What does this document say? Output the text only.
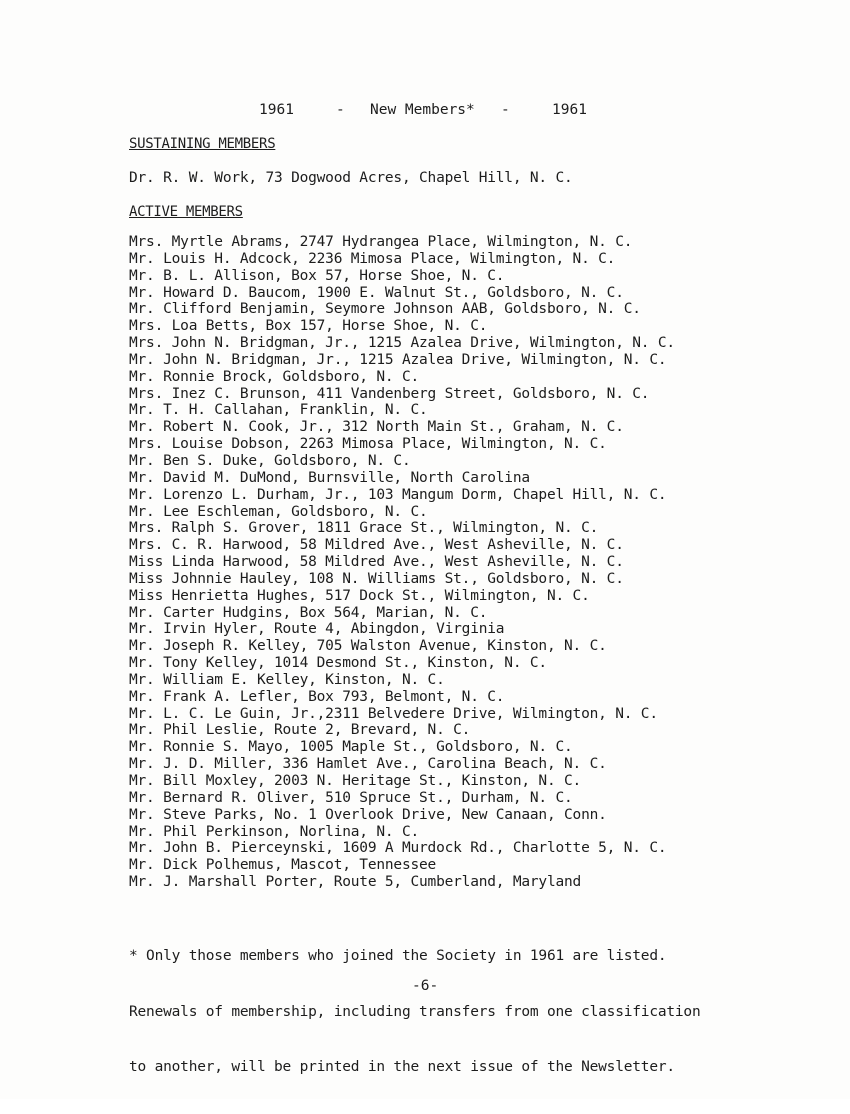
1961

	-

New Members*

-

	1961

SUSTAINING MEMBERS
Dr. R. W. Work, 73 Dogwood Acres, Chapel Hill, N. C.
ACTIVE MEMBERS
Mrs. Myrtle Abrams, 2747 Hydrangea Place, Wilmington, N. C.
Mr. Louis H. Adcock, 2236 Mimosa Place, Wilmington, N. C.
Mr. B. L. Allison, Box 57, Horse Shoe, N. C.
Mr. Howard D. Baucom, 1900 E. Walnut St., Goldsboro, N. C.
Mr. Clifford Benjamin, Seymore Johnson AAB, Goldsboro, N. C.
Mrs. Loa Betts, Box 157, Horse Shoe, N. C.
Mrs. John N. Bridgman, Jr., 1215 Azalea Drive, Wilmington, N. C.
Mr. John N. Bridgman, Jr., 1215 Azalea Drive, Wilmington, N. C.
Mr. Ronnie Brock, Goldsboro, N. C.
Mrs. Inez C. Brunson, 411 Vandenberg Street, Goldsboro, N. C.
Mr. T. H. Callahan, Franklin, N. C.
Mr. Robert N. Cook, Jr., 312 North Main St., Graham, N. C.
Mrs. Louise Dobson, 2263 Mimosa Place, Wilmington, N. C.
Mr. Ben S. Duke, Goldsboro, N. C.
Mr. David M. DuMond, Burnsville, North Carolina
Mr. Lorenzo L. Durham, Jr., 103 Mangum Dorm, Chapel Hill, N. C.
Mr. Lee Eschleman, Goldsboro, N. C.
Mrs. Ralph S. Grover, 1811 Grace St., Wilmington, N. C.
Mrs. C. R. Harwood, 58 Mildred Ave., West Asheville, N. C.
Miss Linda Harwood, 58 Mildred Ave., West Asheville, N. C.
Miss Johnnie Hauley, 108 N. Williams St., Goldsboro, N. C.
Miss Henrietta Hughes, 517 Dock St., Wilmington, N. C.
Mr. Carter Hudgins, Box 564, Marian, N. C.
Mr. Irvin Hyler, Route 4, Abingdon, Virginia
Mr. Joseph R. Kelley, 705 Walston Avenue, Kinston, N. C.
Mr. Tony Kelley, 1014 Desmond St., Kinston, N. C.
Mr. William E. Kelley, Kinston, N. C.
Mr. Frank A. Lefler, Box 793, Belmont, N. C.
Mr. L. C. Le Guin, Jr.,2311 Belvedere Drive, Wilmington, N. C.
Mr. Phil Leslie, Route 2, Brevard, N. C.
Mr. Ronnie S. Mayo, 1005 Maple St., Goldsboro, N. C.
Mr. J. D. Miller, 336 Hamlet Ave., Carolina Beach, N. C.
Mr. Bill Moxley, 2003 N. Heritage St., Kinston, N. C.
Mr. Bernard R. Oliver, 510 Spruce St., Durham, N. C.
Mr. Steve Parks, No. 1 Overlook Drive, New Canaan, Conn.
Mr. Phil Perkinson, Norlina, N. C.
Mr. John B. Pierceynski, 1609 A Murdock Rd., Charlotte 5, N. C.
Mr. Dick Polhemus, Mascot, Tennessee
Mr. J. Marshall Porter, Route 5, Cumberland, Maryland

* Only those members who joined the Society in 1961 are listed.

Renewals of membership, including transfers from one classification

to another, will be printed in the next issue of the Newsletter.

-6-
